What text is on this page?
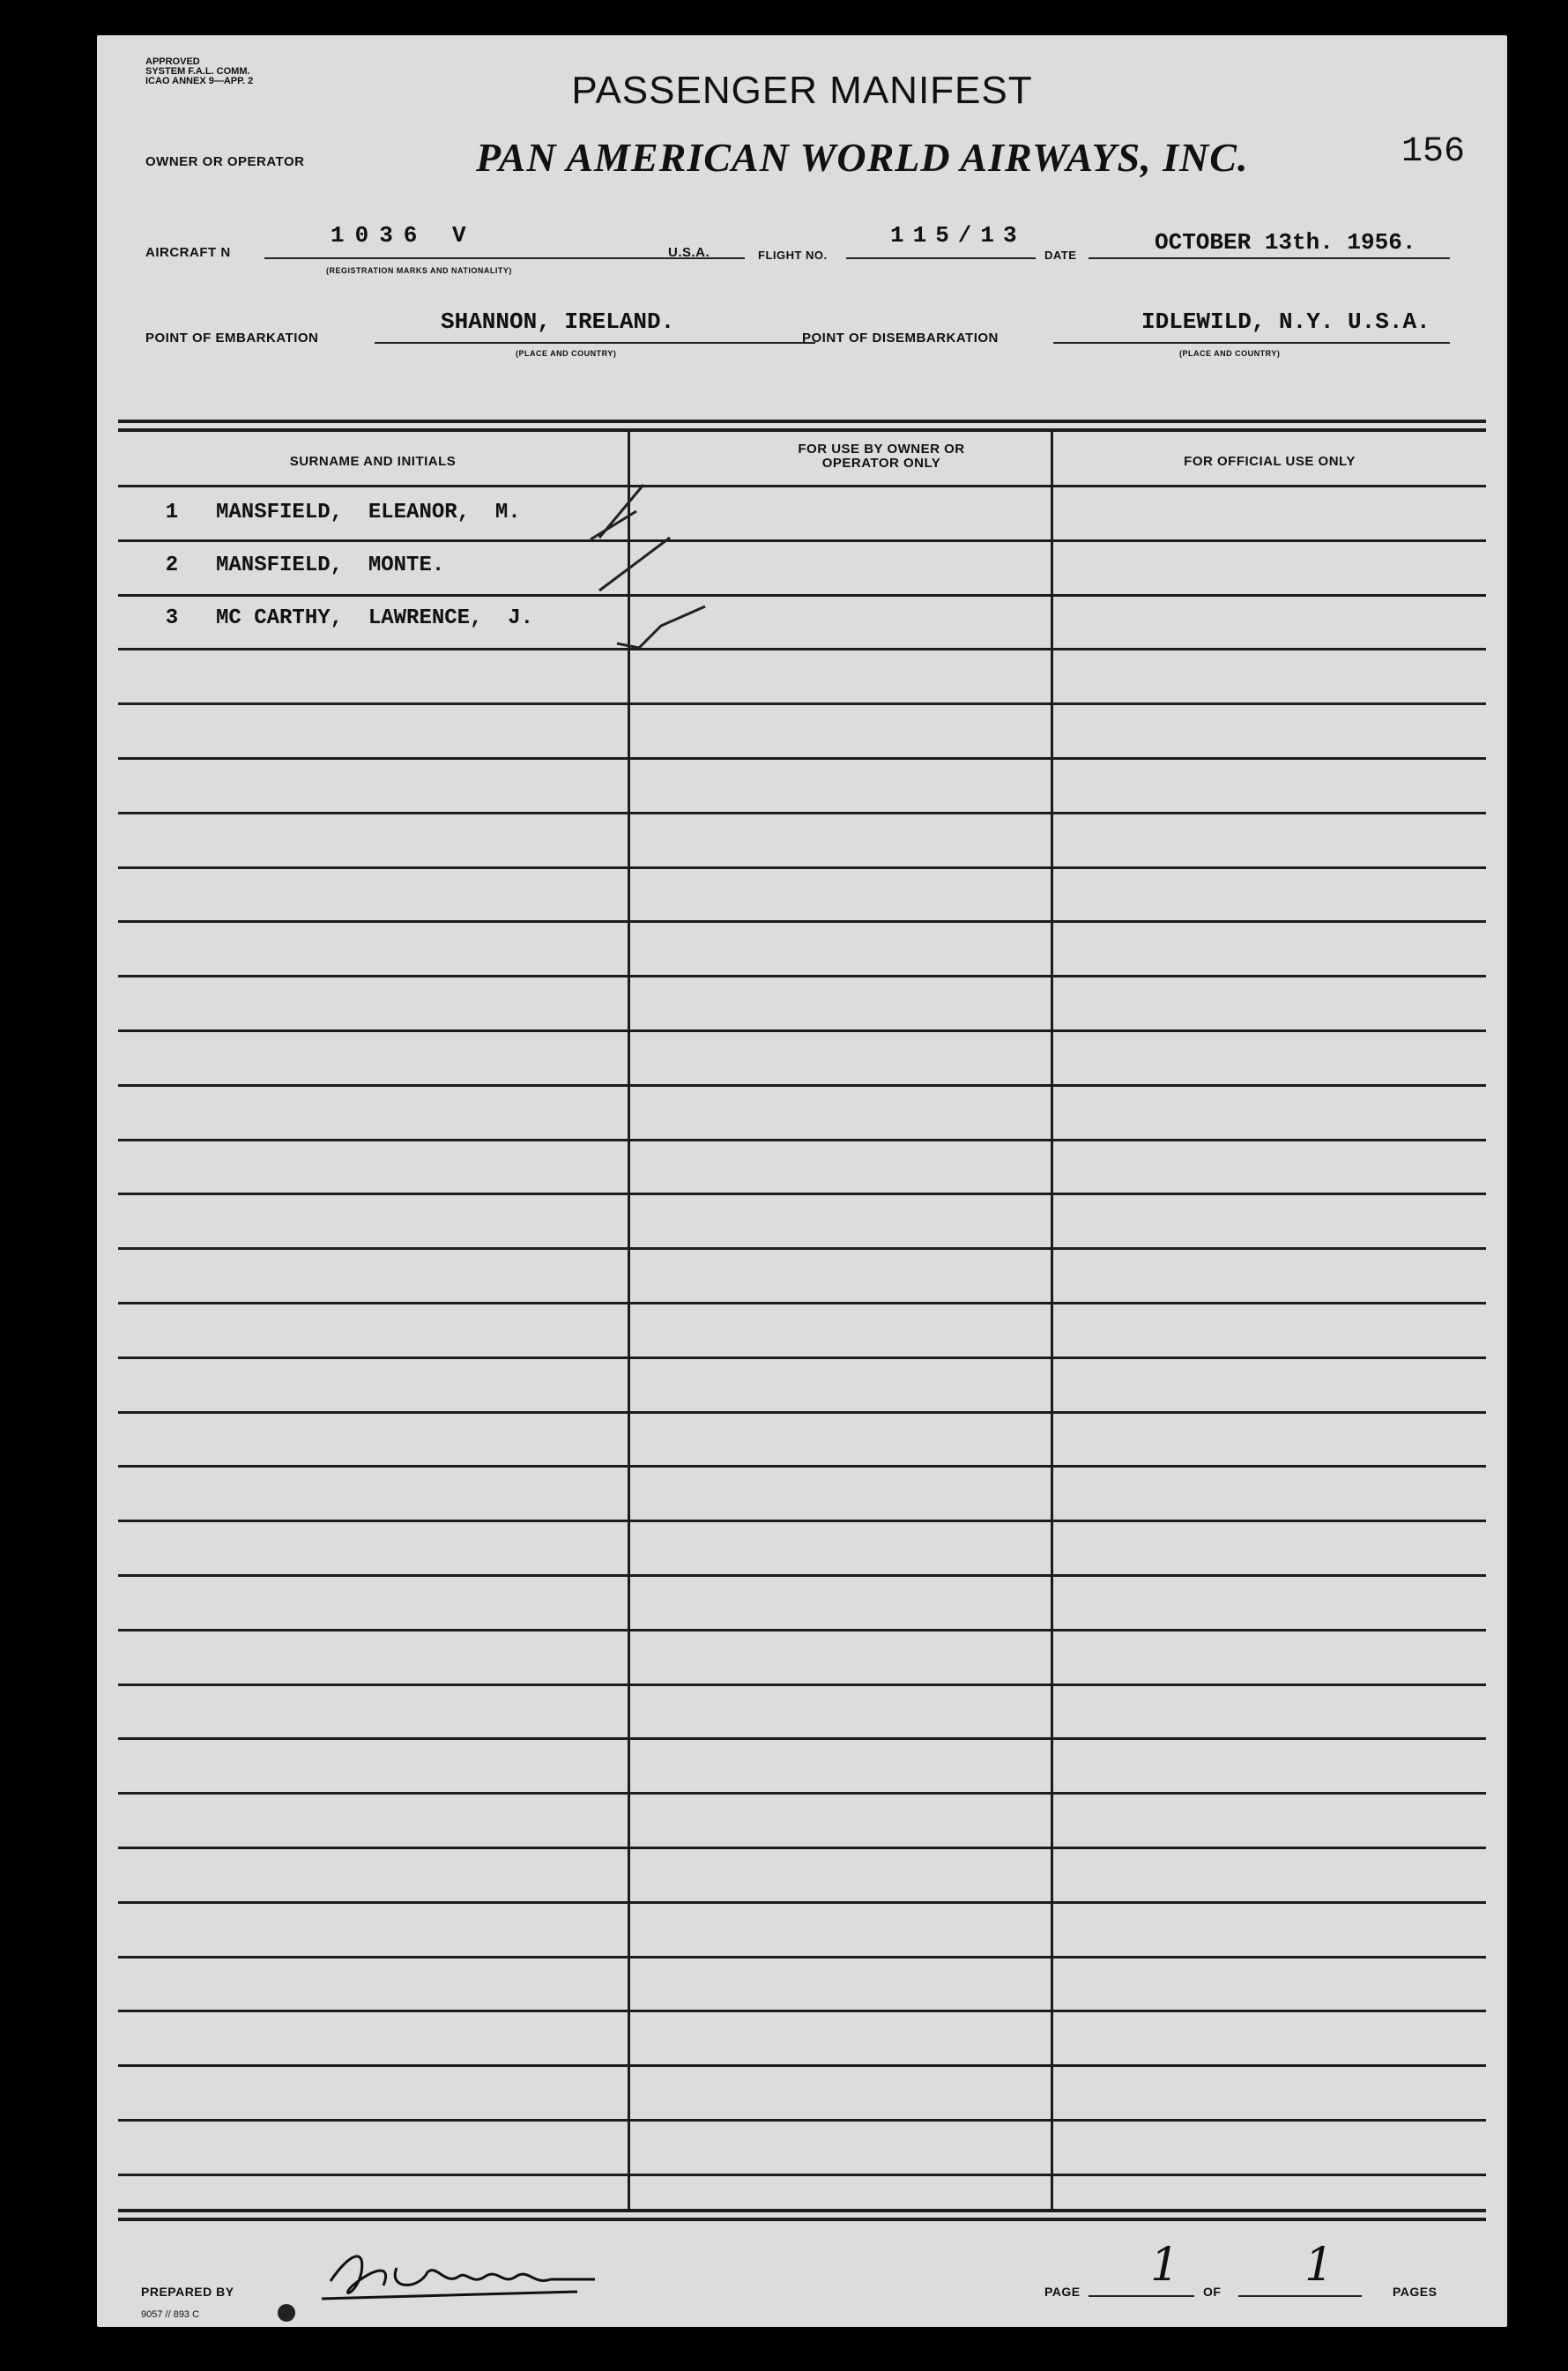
APPROVED
SYSTEM F.A.L. COMM.
ICAO ANNEX 9—APP. 2	PASSENGER MANIFEST
OWNER OR OPERATOR	PAN AMERICAN WORLD AIRWAYS, INC.	156
AIRCRAFT N
1036 V
(REGISTRATION MARKS AND NATIONALITY)
U.S.A.	FLIGHT NO.
115/13
DATE	OCTOBER 13th. 1956.
POINT OF EMBARKATION
SHANNON, IRELAND.
(PLACE AND COUNTRY)
POINT OF DISEMBARKATION
IDLEWILD, N.Y. U.S.A.
(PLACE AND COUNTRY)
SURNAME AND INITIALS
FOR USE BY OWNER OR OPERATOR ONLY	FOR OFFICIAL USE ONLY
1	MANSFIELD,  ELEANOR,  M.
2	MANSFIELD,  MONTE.
3	MC CARTHY,  LAWRENCE,  J.
PREPARED BY
9057 // 893 C
PAGE 1 OF 1	PAGES
